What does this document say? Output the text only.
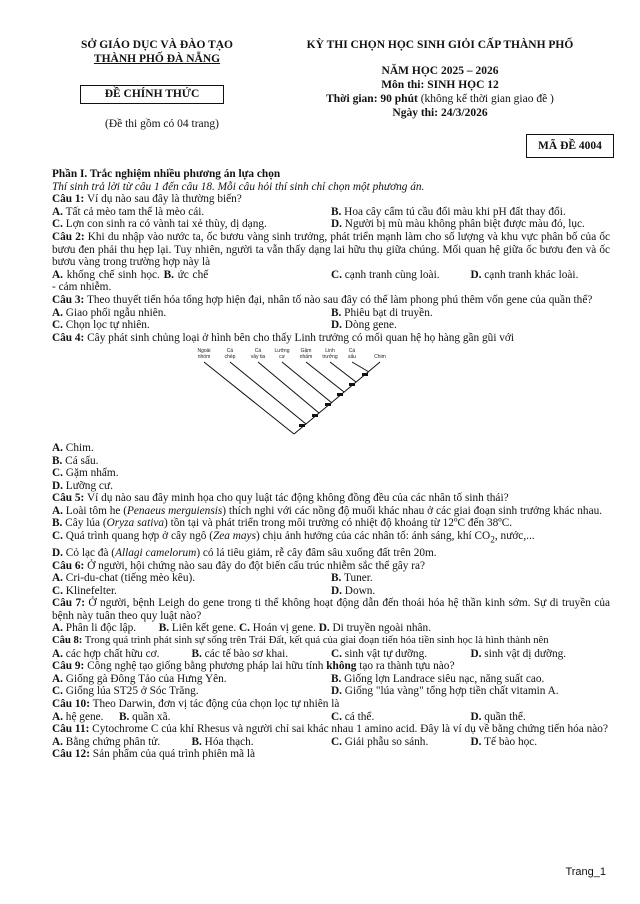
SỞ GIÁO DỤC VÀ ĐÀO TẠO
THÀNH PHỐ ĐÀ NẴNG
KỲ THI CHỌN HỌC SINH GIỎI CẤP THÀNH PHỐ
NĂM HỌC 2025 – 2026
Môn thi: SINH HỌC 12
Thời gian: 90 phút (không kể thời gian giao đề )
Ngày thi: 24/3/2026
ĐỀ CHÍNH THỨC
(Đề thi gồm có 04 trang)
MÃ ĐỀ 4004

Phần I. Trắc nghiệm nhiều phương án lựa chọn

Thí sinh trả lời từ câu 1 đến câu 18. Mỗi câu hỏi thí sinh chỉ chọn một phương án.

Câu 1: Ví dụ nào sau đây là thường biến?

A. Tất cả mèo tam thể là mèo cái.	B. Hoa cây cẩm tú cầu đổi màu khi pH đất thay đổi.
C. Lợn con sinh ra có vành tai xẻ thùy, dị dạng.	D. Người bị mù màu không phân biệt được màu đỏ, lục.

Câu 2: Khi du nhập vào nước ta, ốc bươu vàng sinh trưởng, phát triển mạnh làm cho số lượng và khu vực phân bố của ốc bươu đen phải thu hẹp lại. Tuy nhiên, người ta vẫn thấy dạng lai hữu thụ giữa chúng. Mối quan hệ giữa ốc bươu đen và ốc bươu vàng trong trường hợp này là

A. khống chế sinh học. B. ức chế - cảm nhiễm.
C. cạnh tranh cùng loài.	D. cạnh tranh khác loài.

Câu 3: Theo thuyết tiến hóa tổng hợp hiện đại, nhân tố nào sau đây có thể làm phong phú thêm vốn gene của quần thể?

A. Giao phối ngẫu nhiên.	B. Phiêu bạt di truyền.
C. Chọn lọc tự nhiên.	D. Dòng gene.

Câu 4: Cây phát sinh chủng loại ở hình bên cho thấy Linh trưởng có mối quan hệ họ hàng gần gũi với

Ngoài
nhóm
Cá
chép
Cá
vây tia
Lưỡng
cư
Gặm
nhấm
Linh
trưởng
Cá
sấu	Chim

A. Chim.

B. Cá sấu.

C. Gặm nhấm.

D. Lưỡng cư.

Câu 5: Ví dụ nào sau đây minh họa cho quy luật tác động không đồng đều của các nhân tố sinh thái?

A. Loài tôm he (Penaeus merguiensis) thích nghi với các nồng độ muối khác nhau ở các giai đoạn sinh trưởng khác nhau.

B. Cây lúa (Oryza sativa) tồn tại và phát triển trong môi trường có nhiệt độ khoảng từ 12ºC đến 38ºC.

C. Quá trình quang hợp ở cây ngô (Zea mays) chịu ảnh hưởng của các nhân tố: ánh sáng, khí $CO_2$, nước,...

D. Cỏ lạc đà (Allagi camelorum) có lá tiêu giảm, rễ cây đâm sâu xuống đất trên 20m.

Câu 6: Ở người, hội chứng nào sau đây do đột biến cấu trúc nhiễm sắc thể gây ra?

A. Cri-du-chat (tiếng mèo kêu).	B. Tuner.
C. Klinefelter.	D. Down.

Câu 7: Ở người, bệnh Leigh do gene trong ti thể không hoạt động dẫn đến thoái hóa hệ thần kinh sớm. Sự di truyền của bệnh này tuân theo quy luật nào?

A. Phân li độc lập. B. Liên kết gene. C. Hoán vị gene. D. Di truyền ngoài nhân.

Câu 8: Trong quá trình phát sinh sự sống trên Trái Đất, kết quả của giai đoạn tiến hóa tiền sinh học là hình thành nên

A. các hợp chất hữu cơ.	B. các tế bào sơ khai.	C. sinh vật tự dưỡng.	D. sinh vật dị dưỡng.

Câu 9: Công nghệ tạo giống bằng phương pháp lai hữu tính không tạo ra thành tựu nào?

A. Giống gà Đông Tảo của Hưng Yên.	B. Giống lợn Landrace siêu nạc, năng suất cao.
C. Giống lúa ST25 ở Sóc Trăng.	D. Giống "lúa vàng" tổng hợp tiền chất vitamin A.

Câu 10: Theo Darwin, đơn vị tác động của chọn lọc tự nhiên là

A. hệ gene.	B. quần xã.	C. cá thể.	D. quần thể.

Câu 11: Cytochrome C của khỉ Rhesus và người chỉ sai khác nhau 1 amino acid. Đây là ví dụ về bằng chứng tiến hóa nào?

A. Bằng chứng phân tử.	B. Hóa thạch.	C. Giải phẫu so sánh.	D. Tế bào học.

Câu 12: Sản phẩm của quá trình phiên mã là

Trang_1
